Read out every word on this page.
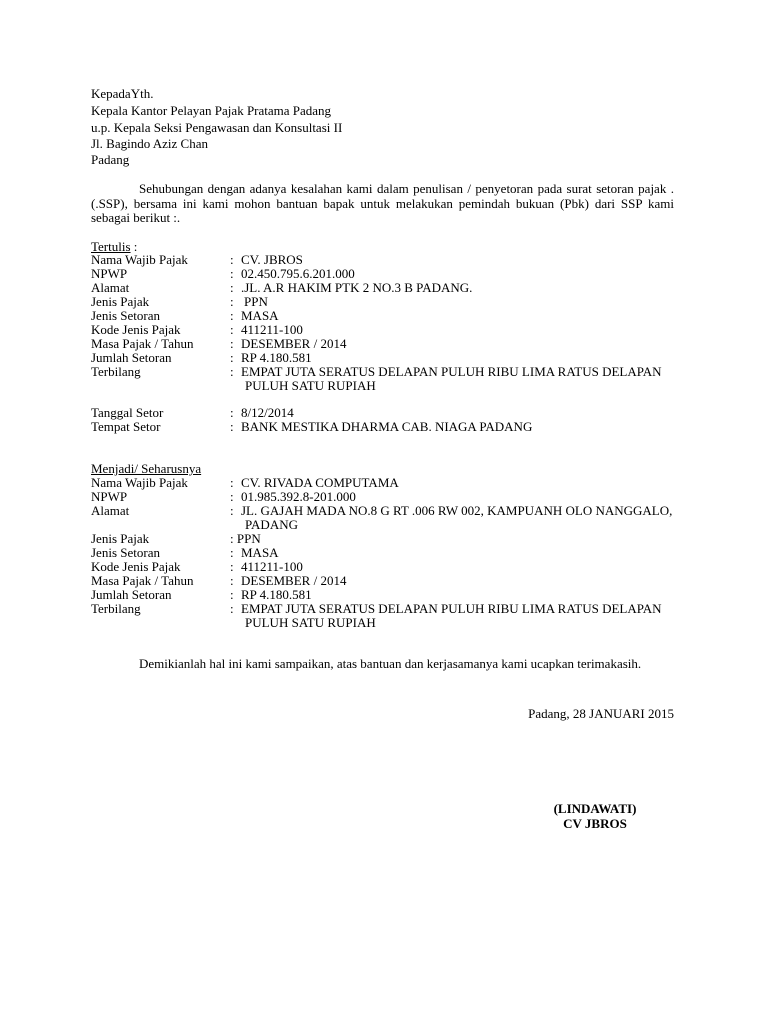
KepadaYth.
Kepala Kantor Pelayan Pajak Pratama Padang
u.p. Kepala Seksi Pengawasan dan Konsultasi II
Jl. Bagindo Aziz Chan
Padang
Sehubungan dengan adanya kesalahan kami dalam penulisan / penyetoran pada surat setoran pajak .(.SSP), bersama ini kami mohon bantuan bapak untuk melakukan pemindah bukuan (Pbk) dari SSP kami sebagai berikut :.
Tertulis :
Nama Wajib Pajak	: CV. JBROS
NPWP	: 02.450.795.6.201.000
Alamat	: .JL. A.R HAKIM PTK 2 NO.3 B PADANG.
Jenis Pajak	: PPN
Jenis Setoran	: MASA
Kode Jenis Pajak	: 411211-100
Masa Pajak / Tahun	: DESEMBER / 2014
Jumlah Setoran	: RP 4.180.581
Terbilang	: EMPAT JUTA SERATUS DELAPAN PULUH RIBU LIMA RATUS DELAPAN
PULUH SATU RUPIAH
Tanggal Setor	: 8/12/2014
Tempat Setor	: BANK MESTIKA DHARMA CAB. NIAGA PADANG
Menjadi/ Seharusnya
Nama Wajib Pajak	: CV. RIVADA COMPUTAMA
NPWP	: 01.985.392.8-201.000
Alamat	: JL. GAJAH MADA NO.8 G RT .006 RW 002, KAMPUANH OLO NANGGALO,
PADANG
Jenis Pajak	: PPN
Jenis Setoran	: MASA
Kode Jenis Pajak	: 411211-100
Masa Pajak / Tahun	: DESEMBER / 2014
Jumlah Setoran	: RP 4.180.581
Terbilang	: EMPAT JUTA SERATUS DELAPAN PULUH RIBU LIMA RATUS DELAPAN
PULUH SATU RUPIAH
Demikianlah hal ini kami sampaikan, atas bantuan dan kerjasamanya kami ucapkan terimakasih.
Padang, 28 JANUARI 2015
(LINDAWATI)
CV JBROS
